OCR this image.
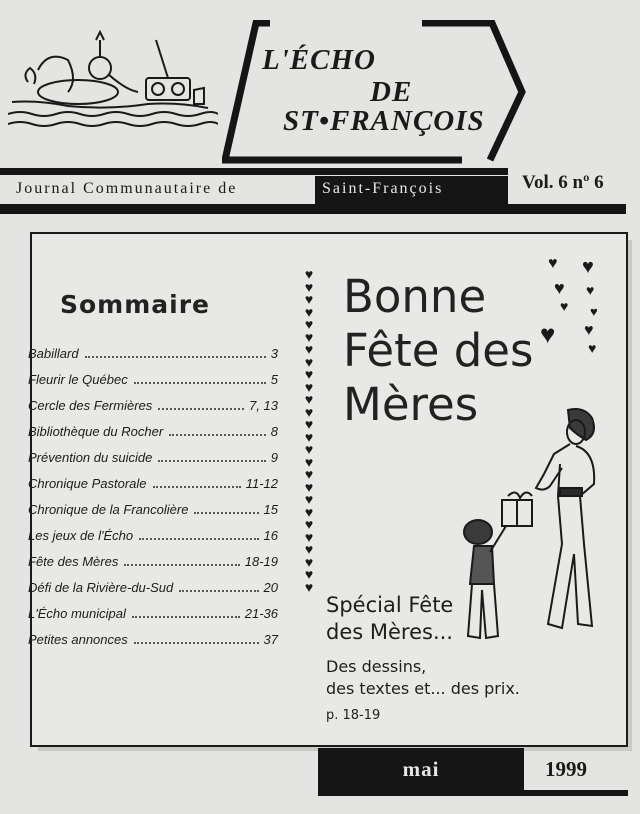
L'ÉCHO
DE
ST•FRANÇOIS
Journal Communautaire de	Saint-François	Vol. 6 nº 6
Sommaire
Babillard	3
Fleurir le Québec	5
Cercle des Fermières	7, 13
Bibliothèque du Rocher	8
Prévention du suicide	9
Chronique Pastorale	11-12
Chronique de la Francolière	15
Les jeux de l'Écho	16
Fête des Mères	18-19
Défi de la Rivière-du-Sud	20
L'Écho municipal	21-36
Petites annonces	37
♥
♥
♥
♥
♥
♥
♥
♥
♥
♥
♥
♥
♥
♥
♥
♥
♥
♥
♥
♥
♥
♥
♥
♥
♥
♥
Bonne
Fête des
Mères
♥ ♥
♥ ♥
♥ ♥
♥ ♥
♥
Spécial Fête
des Mères...
Des dessins,
des textes et... des prix.
p. 18-19
mai	1999
